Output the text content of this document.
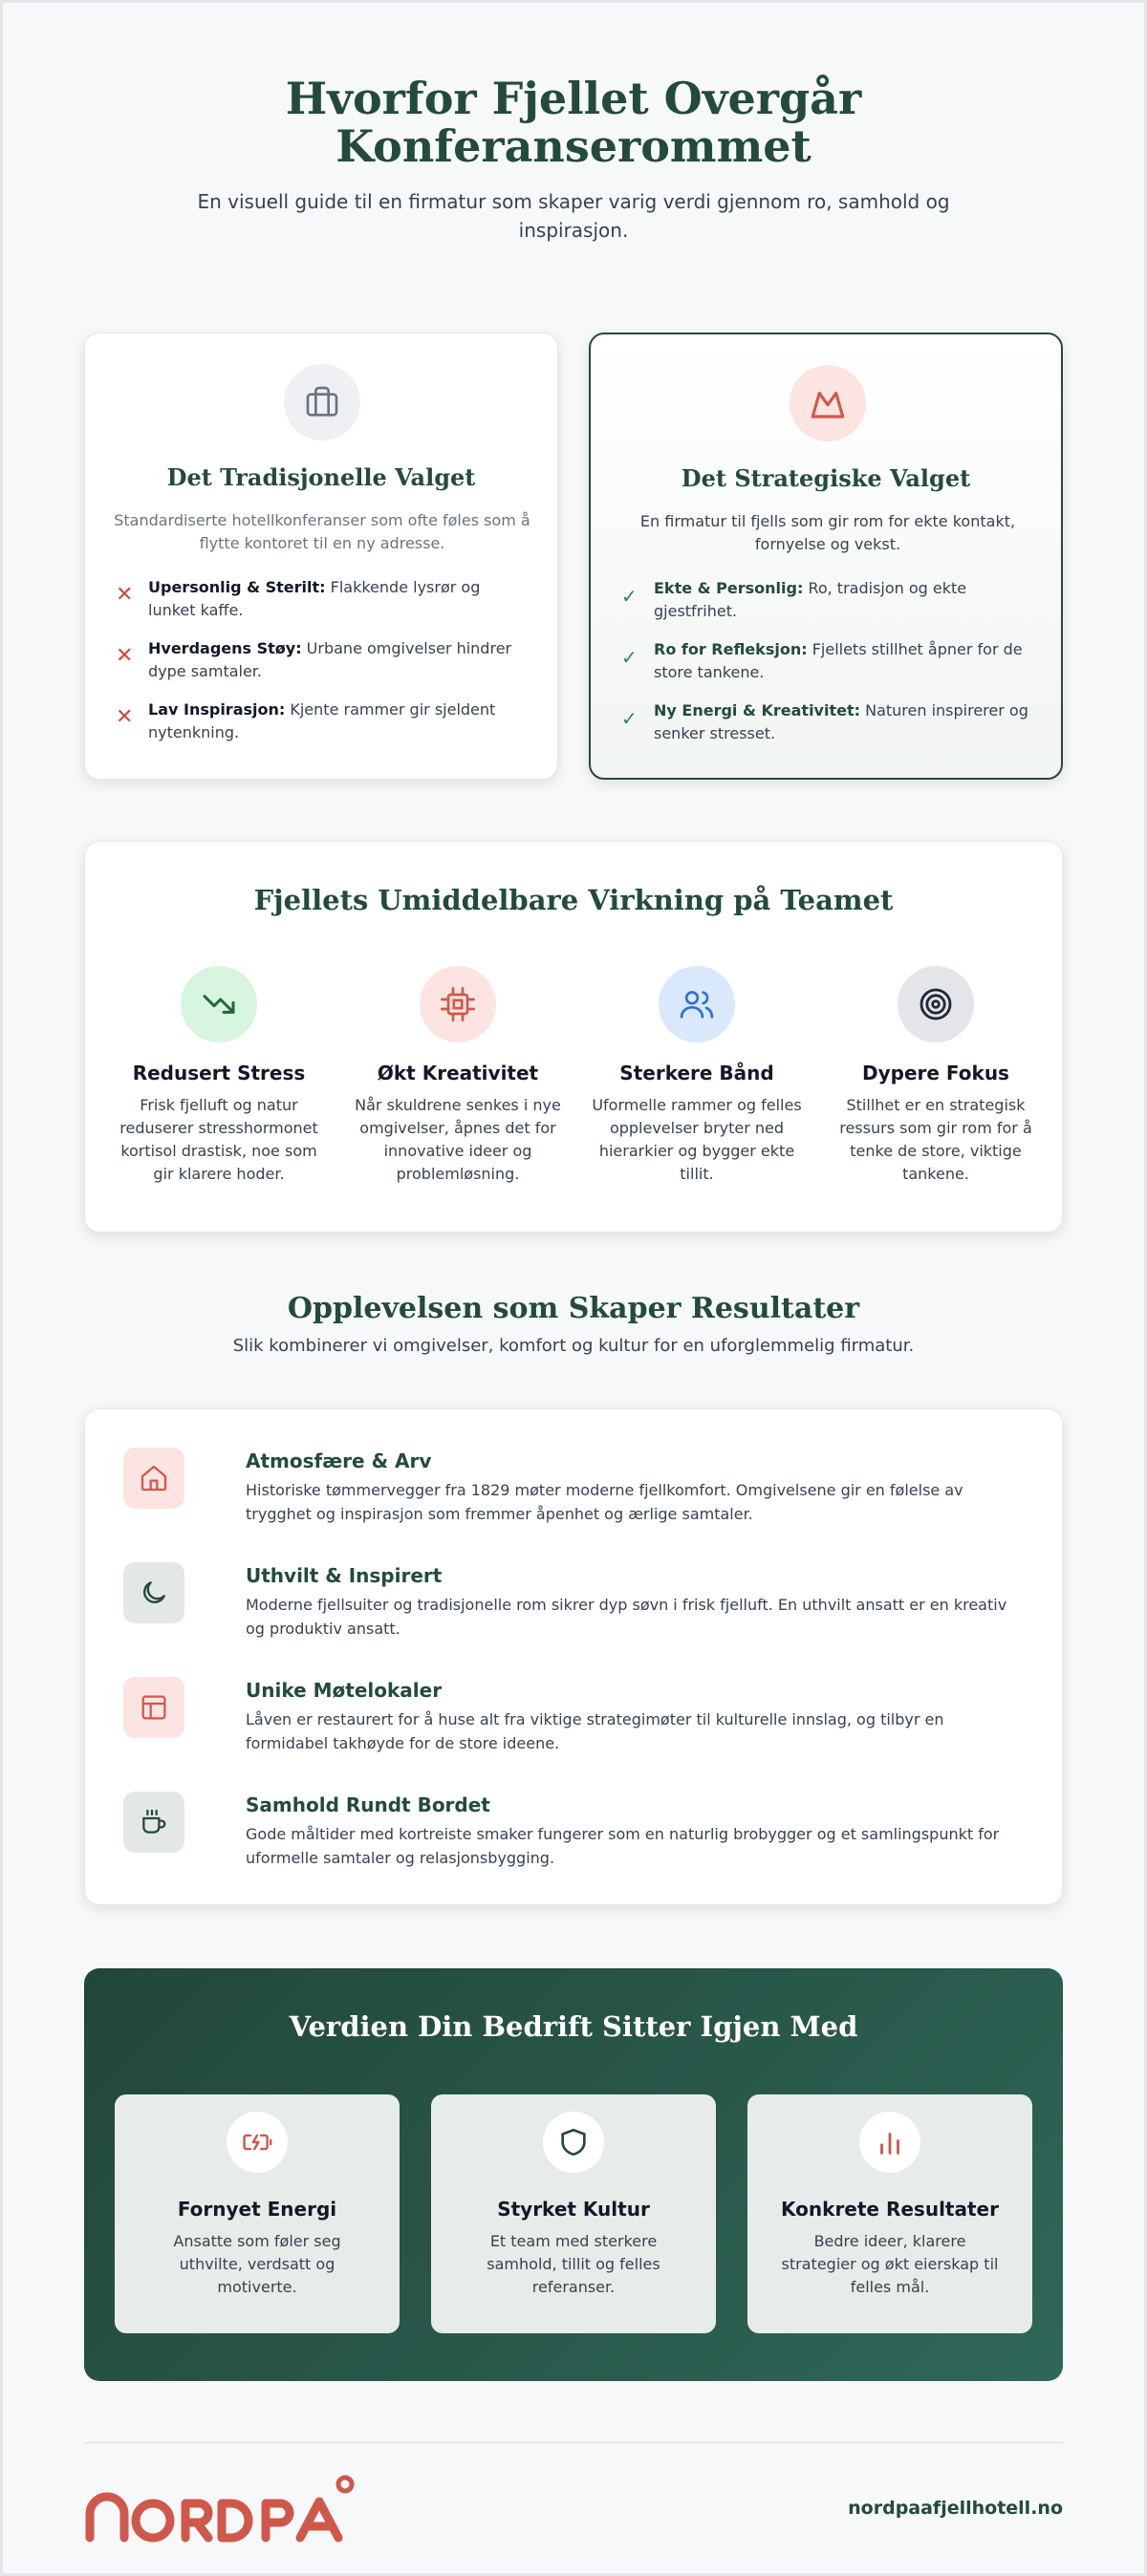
Hvorfor Fjellet Overgår Konferanserommet

En visuell guide til en firmatur som skaper varig verdi gjennom ro, samhold og inspirasjon.

Det Tradisjonelle Valget

Standardiserte hotellkonferanser som ofte føles som å flytte kontoret til en ny adresse.

✕ Upersonlig & Sterilt: Flakkende lysrør og lunket kaffe.
✕ Hverdagens Støy: Urbane omgivelser hindrer dype samtaler.
✕ Lav Inspirasjon: Kjente rammer gir sjeldent nytenkning.
Det Strategiske Valget

En firmatur til fjells som gir rom for ekte kontakt, fornyelse og vekst.

✓	Ekte & Personlig: Ro, tradisjon og ekte gjestfrihet.
✓	Ro for Refleksjon: Fjellets stillhet åpner for de store tankene.
✓	Ny Energi & Kreativitet: Naturen inspirerer og senker stresset.
Fjellets Umiddelbare Virkning på Teamet
Redusert Stress

Frisk fjelluft og natur reduserer stresshormonet kortisol drastisk, noe som gir klarere hoder.

Økt Kreativitet

Når skuldrene senkes i nye omgivelser, åpnes det for innovative ideer og problemløsning.

Sterkere Bånd

Uformelle rammer og felles opplevelser bryter ned hierarkier og bygger ekte tillit.

Dypere Fokus

Stillhet er en strategisk ressurs som gir rom for å tenke de store, viktige tankene.

Opplevelsen som Skaper Resultater

Slik kombinerer vi omgivelser, komfort og kultur for en uforglemmelig firmatur.

Atmosfære & Arv

Historiske tømmervegger fra 1829 møter moderne fjellkomfort. Omgivelsene gir en følelse av trygghet og inspirasjon som fremmer åpenhet og ærlige samtaler.

Uthvilt & Inspirert

Moderne fjellsuiter og tradisjonelle rom sikrer dyp søvn i frisk fjelluft. En uthvilt ansatt er en kreativ og produktiv ansatt.

Unike Møtelokaler

Låven er restaurert for å huse alt fra viktige strategimøter til kulturelle innslag, og tilbyr en formidabel takhøyde for de store ideene.

Samhold Rundt Bordet

Gode måltider med kortreiste smaker fungerer som en naturlig brobygger og et samlingspunkt for uformelle samtaler og relasjonsbygging.

Verdien Din Bedrift Sitter Igjen Med
Fornyet Energi

Ansatte som føler seg uthvilte, verdsatt og motiverte.

Styrket Kultur

Et team med sterkere samhold, tillit og felles referanser.

Konkrete Resultater

Bedre ideer, klarere strategier og økt eierskap til felles mål.

nordpaafjellhotell.no
